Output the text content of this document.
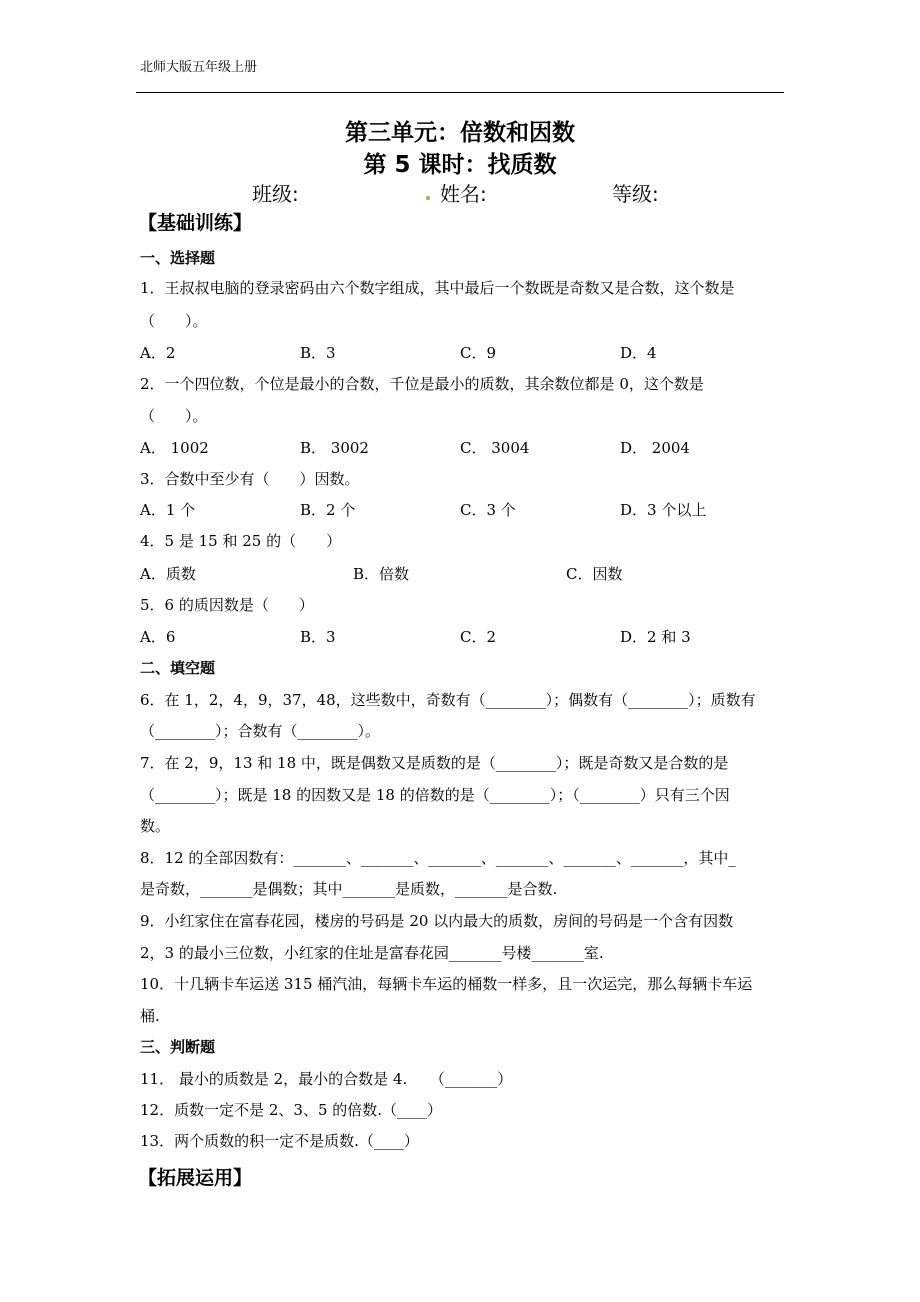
北师大版五年级上册
第三单元：倍数和因数
第 5 课时：找质数
班级:	姓名:	等级:
【基础训练】
一、选择题
1．王叔叔电脑的登录密码由六个数字组成，其中最后一个数既是奇数又是合数，这个数是
（　　）。
A．2	B．3	C．9	D．4
2．一个四位数，个位是最小的合数，千位是最小的质数，其余数位都是 0，这个数是
（　　）。
A． 1002	B． 3002	C． 3004	D． 2004
3．合数中至少有（　　）因数。
A．1 个	B．2 个	C．3 个	D．3 个以上
4．5 是 15 和 25 的（　　）
A．质数	B．倍数	C．因数
5．6 的质因数是（　　）
A．6	B．3	C．2	D．2 和 3
二、填空题
6．在 1，2，4，9，37，48，这些数中，奇数有（________）；偶数有（________）；质数有
（________）；合数有（________）。
7．在 2，9，13 和 18 中，既是偶数又是质数的是（________）；既是奇数又是合数的是
（________）；既是 18 的因数又是 18 的倍数的是（________）；（________）只有三个因
数。
8．12 的全部因数有：_______、_______、_______、_______、_______、_______，其中_
是奇数，_______是偶数；其中_______是质数，_______是合数.
9．小红家住在富春花园，楼房的号码是 20 以内最大的质数，房间的号码是一个含有因数
2，3 的最小三位数，小红家的住址是富春花园_______号楼_______室.
10．十几辆卡车运送 315 桶汽油，每辆卡车运的桶数一样多，且一次运完，那么每辆卡车运
桶.
三、判断题
11． 最小的质数是 2，最小的合数是 4.　　（_______）
12．质数一定不是 2、3、5 的倍数.（____）
13．两个质数的积一定不是质数.（____）
【拓展运用】
